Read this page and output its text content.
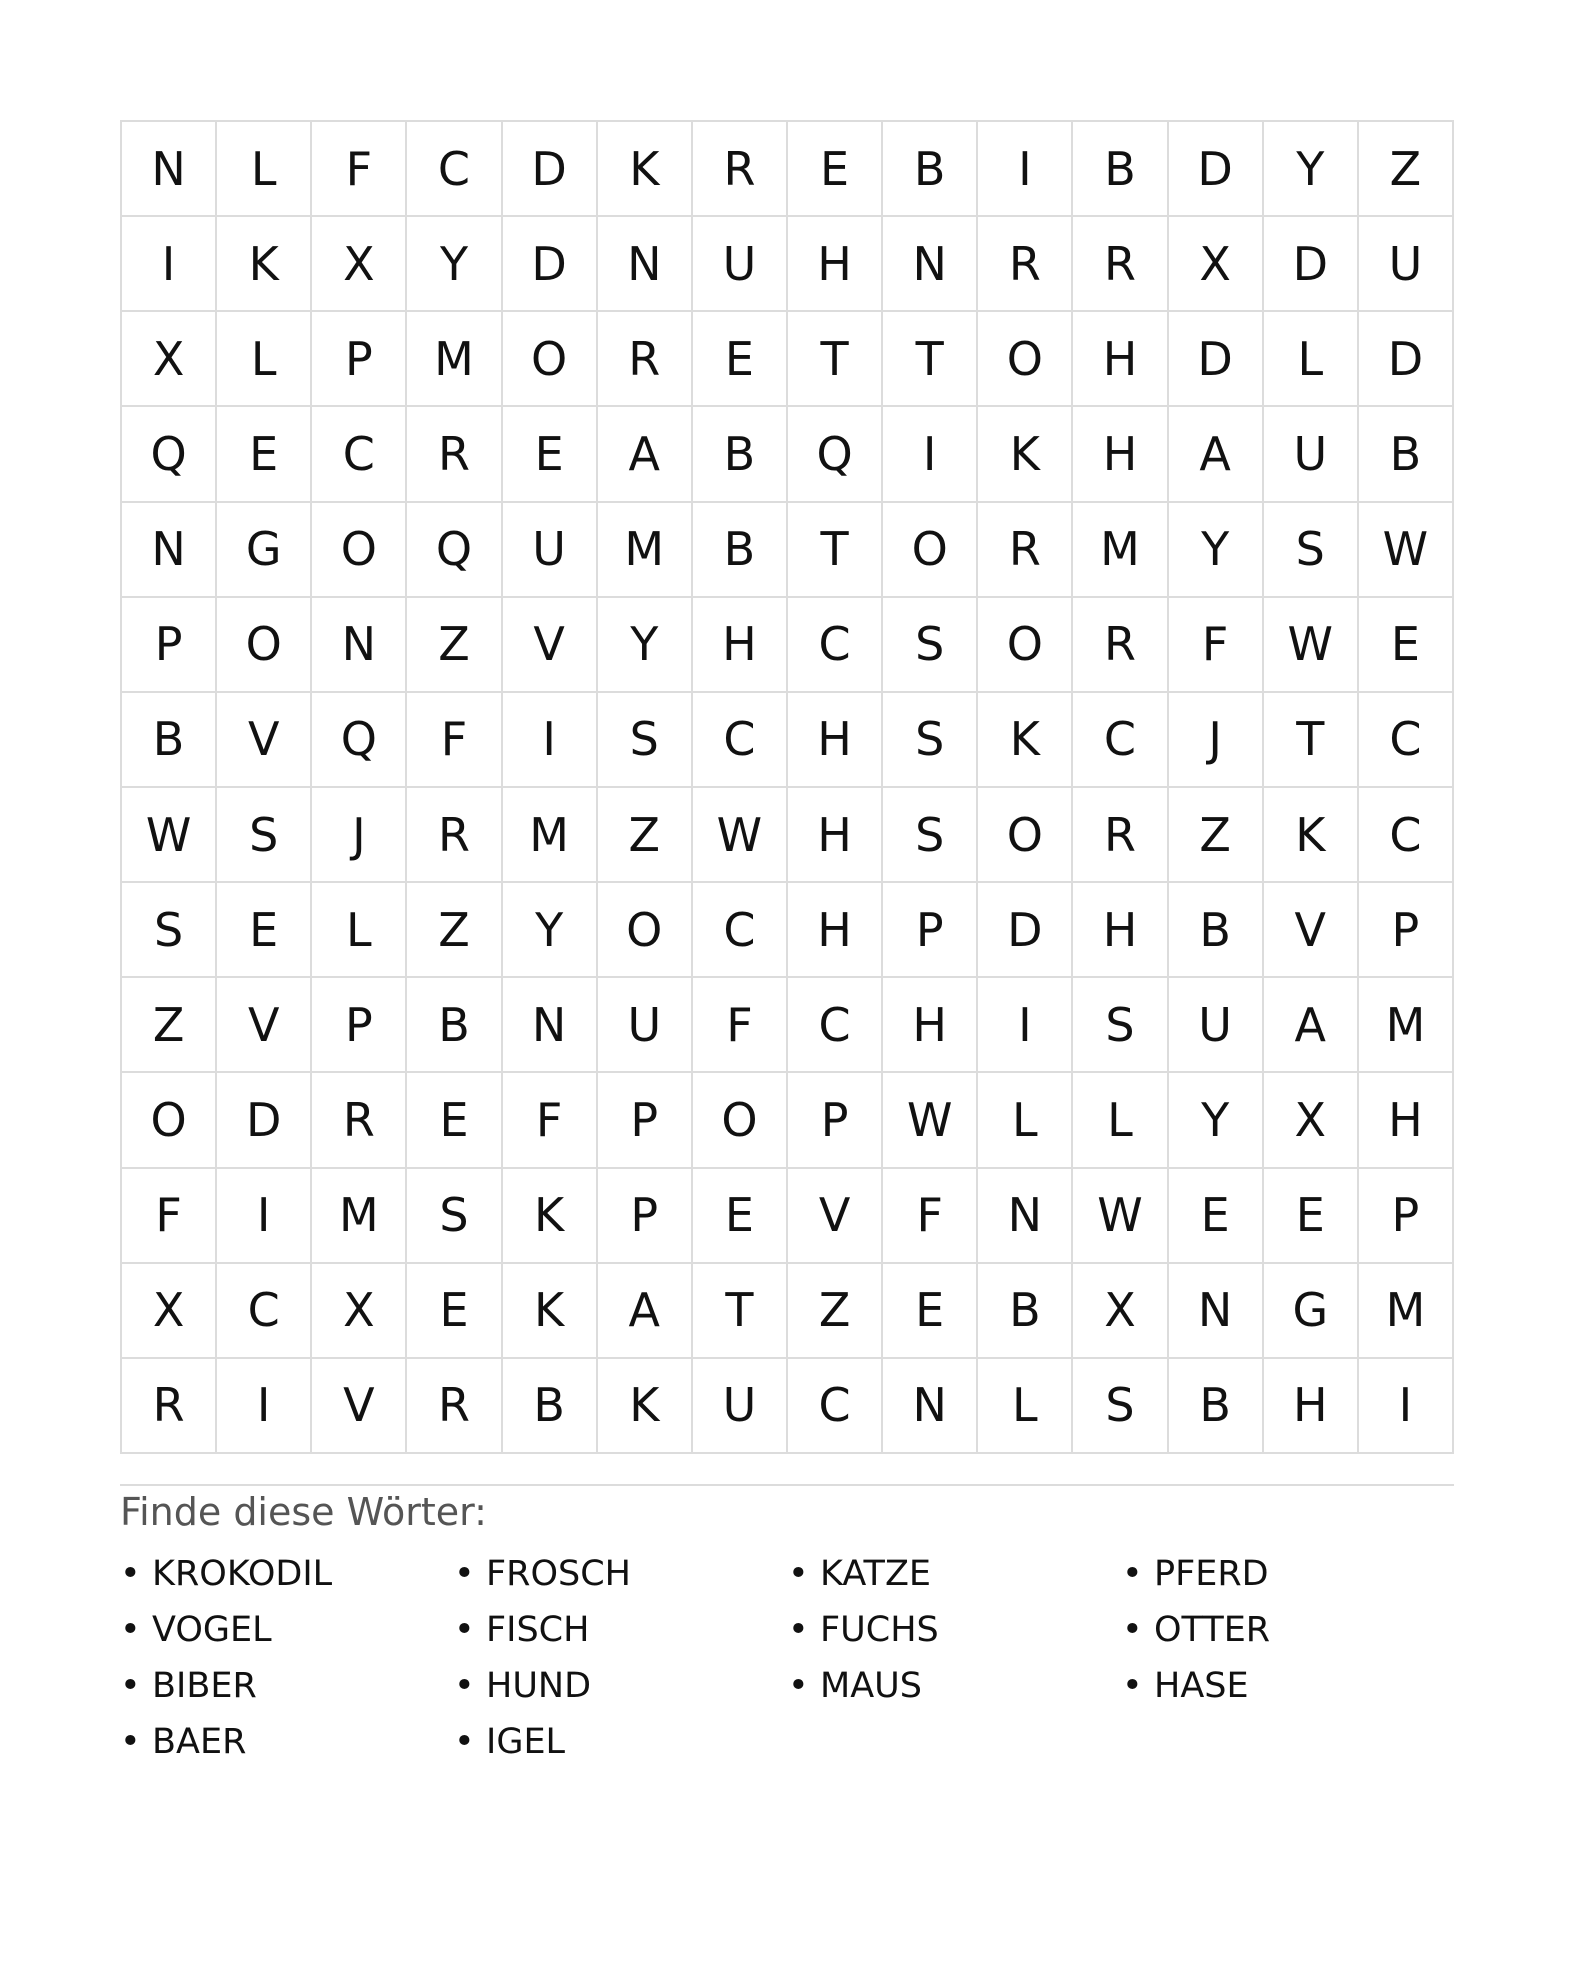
N	L	F	C	D	K	R	E	B	I	B	D	Y	Z
I	K	X	Y	D	N	U	H	N	R	R	X	D	U
X	L	P	M	O	R	E	T	T	O	H	D	L	D
Q	E	C	R	E	A	B	Q	I	K	H	A	U	B
N	G	O	Q	U	M	B	T	O	R	M	Y	S	W
P	O	N	Z	V	Y	H	C	S	O	R	F	W	E
B	V	Q	F	I	S	C	H	S	K	C	J	T	C
W	S	J	R	M	Z	W	H	S	O	R	Z	K	C
S	E	L	Z	Y	O	C	H	P	D	H	B	V	P
Z	V	P	B	N	U	F	C	H	I	S	U	A	M
O	D	R	E	F	P	O	P	W	L	L	Y	X	H
F	I	M	S	K	P	E	V	F	N	W	E	E	P
X	C	X	E	K	A	T	Z	E	B	X	N	G	M
R	I	V	R	B	K	U	C	N	L	S	B	H	I
Finde diese Wörter:
• KROKODIL
• VOGEL
• BIBER
• BAER
• FROSCH
• FISCH
• HUND
• IGEL
• KATZE
• FUCHS
• MAUS
• PFERD
• OTTER
• HASE
